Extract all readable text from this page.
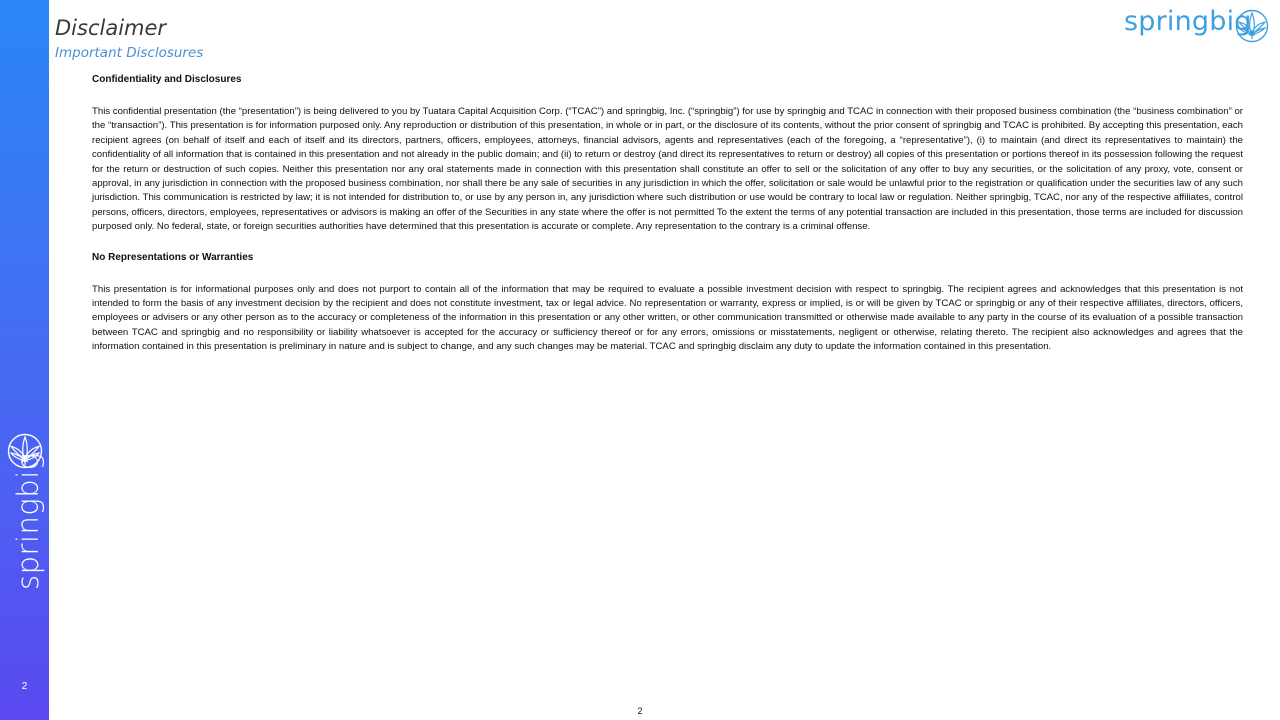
springbig
2
Disclaimer
Important Disclosures
springbig
Confidentiality and Disclosures

This confidential presentation (the “presentation”) is being delivered to you by Tuatara Capital Acquisition Corp. (“TCAC”) and springbig, Inc. (“springbig”) for use by springbig and TCAC in connection with their proposed business combination (the “business combination” or the “transaction”). This presentation is for information purposed only. Any reproduction or distribution of this presentation, in whole or in part, or the disclosure of its contents, without the prior consent of springbig and TCAC is prohibited. By accepting this presentation, each recipient agrees (on behalf of itself and each of itself and its directors, partners, officers, employees, attorneys, financial advisors, agents and representatives (each of the foregoing, a “representative”), (i) to maintain (and direct its representatives to maintain) the confidentiality of all information that is contained in this presentation and not already in the public domain; and (ii) to return or destroy (and direct its representatives to return or destroy) all copies of this presentation or portions thereof in its possession following the request for the return or destruction of such copies. Neither this presentation nor any oral statements made in connection with this presentation shall constitute an offer to sell or the solicitation of any offer to buy any securities, or the solicitation of any proxy, vote, consent or approval, in any jurisdiction in connection with the proposed business combination, nor shall there be any sale of securities in any jurisdiction in which the offer, solicitation or sale would be unlawful prior to the registration or qualification under the securities law of any such jurisdiction. This communication is restricted by law; it is not intended for distribution to, or use by any person in, any jurisdiction where such distribution or use would be contrary to local law or regulation. Neither springbig, TCAC, nor any of the respective affiliates, control persons, officers, directors, employees, representatives or advisors is making an offer of the Securities in any state where the offer is not permitted To the extent the terms of any potential transaction are included in this presentation, those terms are included for discussion purposed only. No federal, state, or foreign securities authorities have determined that this presentation is accurate or complete. Any representation to the contrary is a criminal offense.

No Representations or Warranties

This presentation is for informational purposes only and does not purport to contain all of the information that may be required to evaluate a possible investment decision with respect to springbig. The recipient agrees and acknowledges that this presentation is not intended to form the basis of any investment decision by the recipient and does not constitute investment, tax or legal advice. No representation or warranty, express or implied, is or will be given by TCAC or springbig or any of their respective affiliates, directors, officers, employees or advisers or any other person as to the accuracy or completeness of the information in this presentation or any other written, or other communication transmitted or otherwise made available to any party in the course of its evaluation of a possible transaction between TCAC and springbig and no responsibility or liability whatsoever is accepted for the accuracy or sufficiency thereof or for any errors, omissions or misstatements, negligent or otherwise, relating thereto. The recipient also acknowledges and agrees that the information contained in this presentation is preliminary in nature and is subject to change, and any such changes may be material. TCAC and springbig disclaim any duty to update the information contained in this presentation.

2
